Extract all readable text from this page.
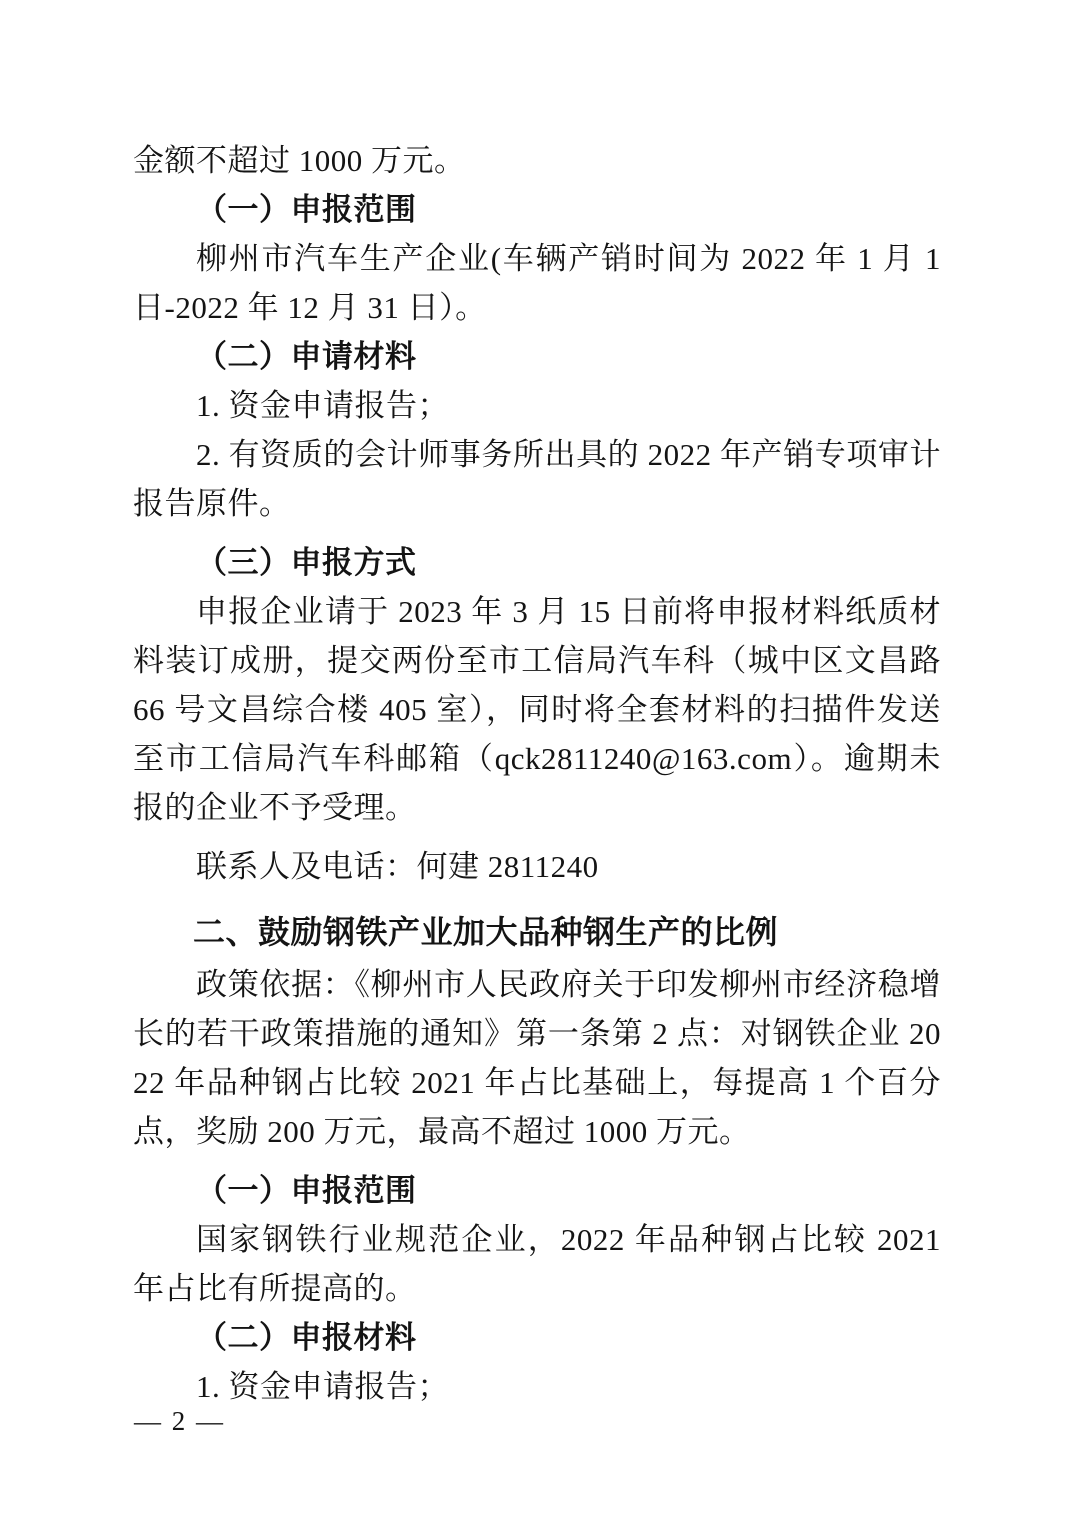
金额不超过 1000 万元。

（一）申报范围

柳州市汽车生产企业(车辆产销时间为 2022 年 1 月 1 日-2022 年 12 月 31 日）。

（二）申请材料

1. 资金申请报告；

2. 有资质的会计师事务所出具的 2022 年产销专项审计报告原件。

（三）申报方式

申报企业请于 2023 年 3 月 15 日前将申报材料纸质材料装订成册，提交两份至市工信局汽车科（城中区文昌路 66 号文昌综合楼 405 室），同时将全套材料的扫描件发送至市工信局汽车科邮箱（qck2811240@163.com）。逾期未报的企业不予受理。

联系人及电话：何建 2811240

二、鼓励钢铁产业加大品种钢生产的比例

政策依据：《柳州市人民政府关于印发柳州市经济稳增长的若干政策措施的通知》第一条第 2 点：对钢铁企业 2022 年品种钢占比较 2021 年占比基础上，每提高 1 个百分点，奖励 200 万元，最高不超过 1000 万元。

（一）申报范围

国家钢铁行业规范企业，2022 年品种钢占比较 2021 年占比有所提高的。

（二）申报材料

1. 资金申请报告；

— 2 —
